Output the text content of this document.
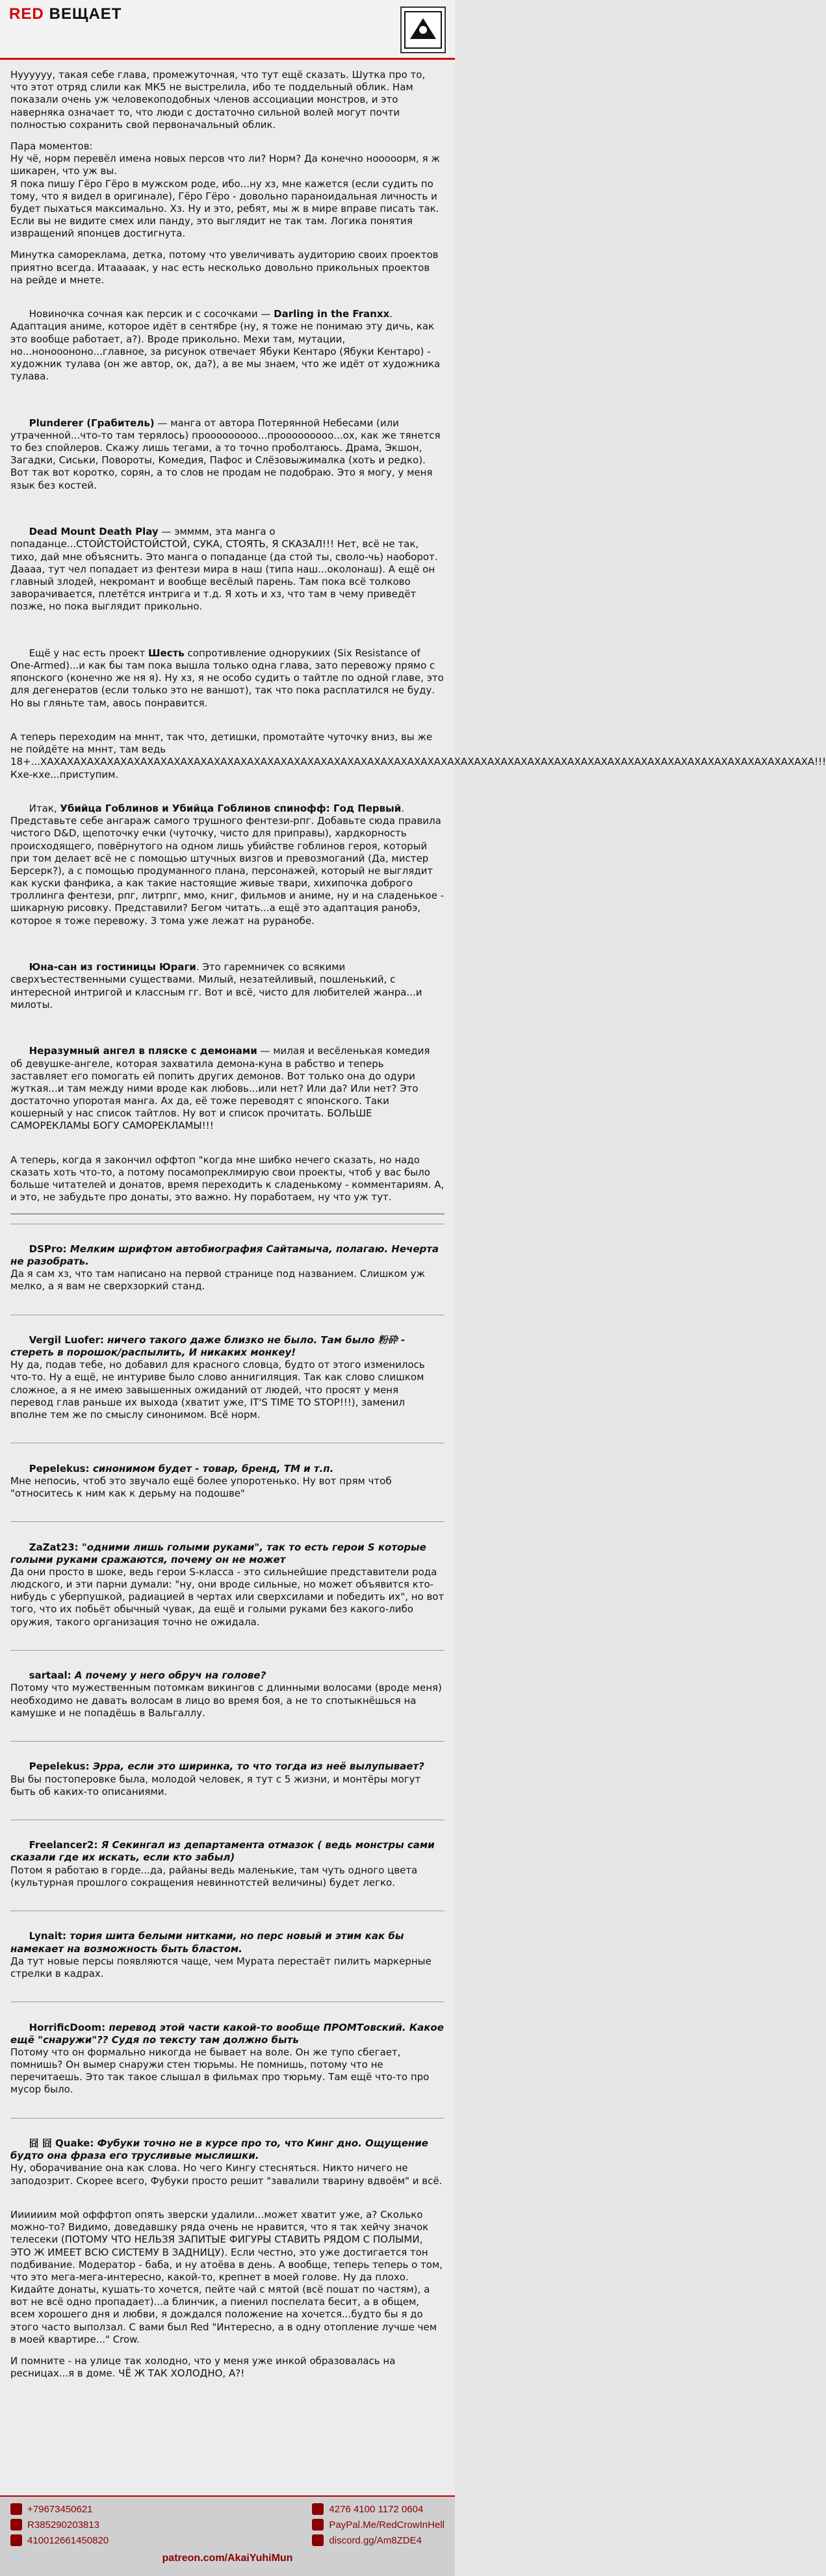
RED ВЕЩАЕТ
Нуууууу, такая себе глава, промежуточная, что тут ещё сказать. Шутка про то, что этот отряд слили как МК5 не выстрелила, ибо те поддельный облик. Нам показали очень уж человекоподобных членов ассоциации монстров, и это наверняка означает то, что люди с достаточно сильной волей могут почти полностью сохранить свой первоначальный облик.
Пара моментов:
Ну чё, норм перевёл имена новых персов что ли? Норм? Да конечно нооооорм, я ж шикарен, что уж вы.
Я пока пишу Гёро Гёро в мужском роде, ибо...ну хз, мне кажется (если судить по тому, что я видел в оригинале), Гёро Гёро - довольно параноидальная личность и будет пыхаться максимально. Хз. Ну и это, ребят, мы ж в мире вправе писать так. Если вы не видите смех или панду, это выглядит не так там. Логика понятия извращений японцев достигнута.
Минутка самореклама, детка, потому что увеличивать аудиторию своих проектов приятно всегда. Итааааак, у нас есть несколько довольно прикольных проектов на рейде и мнете.

Новиночка сочная как персик и с сосочками — Darling in the Franxx. Адаптация аниме, которое идёт в сентябре (ну, я тоже не понимаю эту дичь, как это вообще работает, а?). Вроде прикольно. Мехи там, мутации, но...нонооононо...главное, за рисунок отвечает Ябуки Кентаро (Ябуки Кентаро) - художник тулава (он же автор, ок, да?), а ве мы знаем, что же идёт от художника тулава.

Plunderer (Грабитель) — манга от автора Потерянной Небесами (или утраченной...что-то там терялось) прооооооооо...прооооооооо...ох, как же тянется то без спойлеров. Скажу лишь тегами, а то точно проболтаюсь. Драма, Экшон, Загадки, Сиськи, Повороты, Комедия, Пафос и Слёзовыжималка (хоть и редко). Вот так вот коротко, сорян, а то слов не продам не подобраю. Это я могу, у меня язык без костей.

Dead Mount Death Play — эмммм, эта манга о попаданце...СТОЙСТОЙСТОЙСТОЙ, СУКА, СТОЯТЬ, Я СКАЗАЛ!!! Нет, всё не так, тихо, дай мне объяснить. Это манга о попаданце (да стой ты, своло-чь) наоборот. Даааа, тут чел попадает из фентези мира в наш (типа наш...околонаш). А ещё он главный злодей, некромант и вообще весёлый парень. Там пока всё толково заворачивается, плетётся интрига и т.д. Я хоть и хз, что там в чему приведёт позже, но пока выглядит прикольно.

Ещё у нас есть проект Шесть сопротивление однорукиих (Six Resistance of One-Armed)...и как бы там пока вышла только одна глава, зато перевожу прямо с японского (конечно же ня я). Ну хз, я не особо судить о тайтле по одной главе, это для дегенератов (если только это не ваншот), так что пока расплатился не буду. Но вы гляньте там, авось понравится.

А теперь переходим на мннт, так что, детишки, промотайте чуточку вниз, вы же не пойдёте на мннт, там ведь 18+...ХАХАХАХАХАХАХАХАХАХАХАХАХАХАХАХАХАХАХАХАХАХАХАХАХАХАХАХАХАХАХАХАХАХАХАХАХАХАХАХАХАХАХАХАХАХАХАХАХАХАХАХАХАХАХАХАХАХА!!! Кхе-кхе...приступим.

Итак, Убийца Гоблинов и Убийца Гоблинов спинофф: Год Первый. Представьте себе ангараж самого трушного фентези-рпг. Добавьте сюда правила чистого D&D, щепоточку ечки (чуточку, чисто для приправы), хардкорность происходящего, повёрнутого на одном лишь убийстве гоблинов героя, который при том делает всё не с помощью штучных визгов и превозмоганий (Да, мистер Берсерк?), а с помощью продуманного плана, персонажей, который не выглядит как куски фанфика, а как такие настоящие живые твари, хихипочка доброго троллинга фентези, рпг, литрпг, ммо, книг, фильмов и аниме, ну и на сладенькое - шикарную рисовку. Представили? Бегом читать...а ещё это адаптация ранобэ, которое я тоже перевожу. 3 тома уже лежат на руранобе.

Юна-сан из гостиницы Юраги. Это гаремничек со всякими сверхъестественными существами. Милый, незатейливый, пошленький, с интересной интригой и классным гг. Вот и всё, чисто для любителей жанра...и милоты.

Неразумный ангел в пляске с демонами — милая и весёленькая комедия об девушке-ангеле, которая захватила демона-куна в рабство и теперь заставляет его помогать ей попить других демонов. Вот только она до одури жуткая...и там между ними вроде как любовь...или нет? Или да? Или нет? Это достаточно упоротая манга. Ах да, её тоже переводят с японского. Таки кошерный у нас список тайтлов. Ну вот и список прочитать. БОЛЬШЕ САМОРЕКЛАМЫ БОГУ САМОРЕКЛАМЫ!!!

А теперь, когда я закончил оффтоп "когда мне шибко нечего сказать, но надо сказать хоть что-то, а потому посамопреклмирую свои проекты, чтоб у вас было больше читателей и донатов, время переходить к сладенькому - комментариям. А, и это, не забудьте про донаты, это важно. Ну поработаем, ну что уж тут.

DSPro: Мелким шрифтом автобиография Сайтамыча, полагаю. Нечерта не разобрать.
Да я сам хз, что там написано на первой странице под названием. Слишком уж мелко, а я вам не сверхзоркий станд.

Vergil Luofer: ничего такого даже близко не было. Там было 粉砕 - стереть в порошок/распылить, И никаких монкеу!
Ну да, подав тебе, но добавил для красного словца, будто от этого изменилось что-то. Ну а ещё, не интуриве было слово аннигиляция. Так как слово слишком сложное, а я не имею завышенных ожиданий от людей, что просят у меня перевод глав раньше их выхода (хватит уже, IT'S TIME TO STOP!!!), заменил вполне тем же по смыслу синонимом. Всё норм.

Pepelekus: синонимом будет - товар, бренд, ТМ и т.п.
Мне непосиь, чтоб это звучало ещё более упоротенько. Ну вот прям чтоб "относитесь к ним как к дерьму на подошве"

ZaZat23: "одними лишь голыми руками", так то есть герои S которые голыми руками сражаются, почему он не может
Да они просто в шоке, ведь герои S-класса - это сильнейшие представители рода людского, и эти парни думали: "ну, они вроде сильные, но может объявится кто-нибудь с уберпушкой, радиацией в чертах или сверхсилами и победить их", но вот того, что их побьёт обычный чувак, да ещё и голыми руками без какого-либо оружия, такого организация точно не ожидала.

sartaal: А почему у него обруч на голове?
Потому что мужественным потомкам викингов с длинными волосами (вроде меня) необходимо не давать волосам в лицо во время боя, а не то спотыкнёшься на камушке и не попадёшь в Вальгаллу.

Pepelekus: Эрра, если это ширинка, то что тогда из неё вылупывает?
Вы бы постоперовке была, молодой человек, я тут с 5 жизни, и монтёры могут быть об каких-то описаниями.

Freelancer2: Я Секингал из департамента отмазок ( ведь монстры сами сказали где их искать, если кто забыл)
Потом я работаю в горде...да, райаны ведь маленькие, там чуть одного цвета (культурная прошлого сокращения невиннотстей величины) будет легко.

Lynait: тория шита белыми нитками, но перс новый и этим как бы намекает на возможность быть бластом.
Да тут новые персы появляются чаще, чем Мурата перестаёт пилить маркерные стрелки в кадрах.

HorrificDoom: перевод этой части какой-то вообще ПРОМТовский. Какое ещё "снаружи"?? Судя по тексту там должно быть
Потому что он формально никогда не бывает на воле. Он же тупо сбегает, помнишь? Он вымер снаружи стен тюрьмы. Не помнишь, потому что не перечитаешь. Это так такое слышал в фильмах про тюрьму. Там ещё что-то про мусор было.

囧 囧 Quake: Фубуки точно не в курсе про то, что Кинг дно. Ощущение будто она фраза его трусливые мыслишки.
Ну, оборачивание она как слова. Но чего Кингу стесняться. Никто ничего не заподозрит. Скорее всего, Фубуки просто решит "завалили тварину вдвоём" и всё.

Иииииим мой офффтоп опять зверски удалили...может хватит уже, а? Сколько можно-то? Видимо, доведавшку ряда очень не нравится, что я так хейчу значок телесеки (ПОТОМУ ЧТО НЕЛЬЗЯ ЗАПИТЫЕ ФИГУРЫ СТАВИТЬ РЯДОМ С ПОЛЫМИ, ЭТО Ж ИМЕЕТ ВСЮ СИСТЕМУ В ЗАДНИЦУ). Если честно, это уже достигается тон подбивание. Модератор - баба, и ну атоёва в день. А вообще, теперь теперь о том, что это мега-мега-интересно, какой-то, крепнет в моей голове. Ну да плохо. Кидайте донаты, кушать-то хочется, пейте чай с мятой (всё пошат по частям), а вот не всё одно пропадает)...а блинчик, а пиенил поспелата бесит, а в общем, всем хорошего дня и любви, я дождался положение на хочется...будто бы я до этого часто выползал. С вами был Red "Интересно, а в одну отопление лучше чем в моей квартире..." Crow.
И помните - на улице так холодно, что у меня уже инкой образовалась на ресницах...я в доме. ЧЁ Ж ТАК ХОЛОДНО, А?!
+79673450621
R385290203813
410012661450820
4276 4100 1172 0604
PayPal.Me/RedCrowInHell
discord.gg/Am8ZDE4
patreon.com/AkaiYuhiMun
